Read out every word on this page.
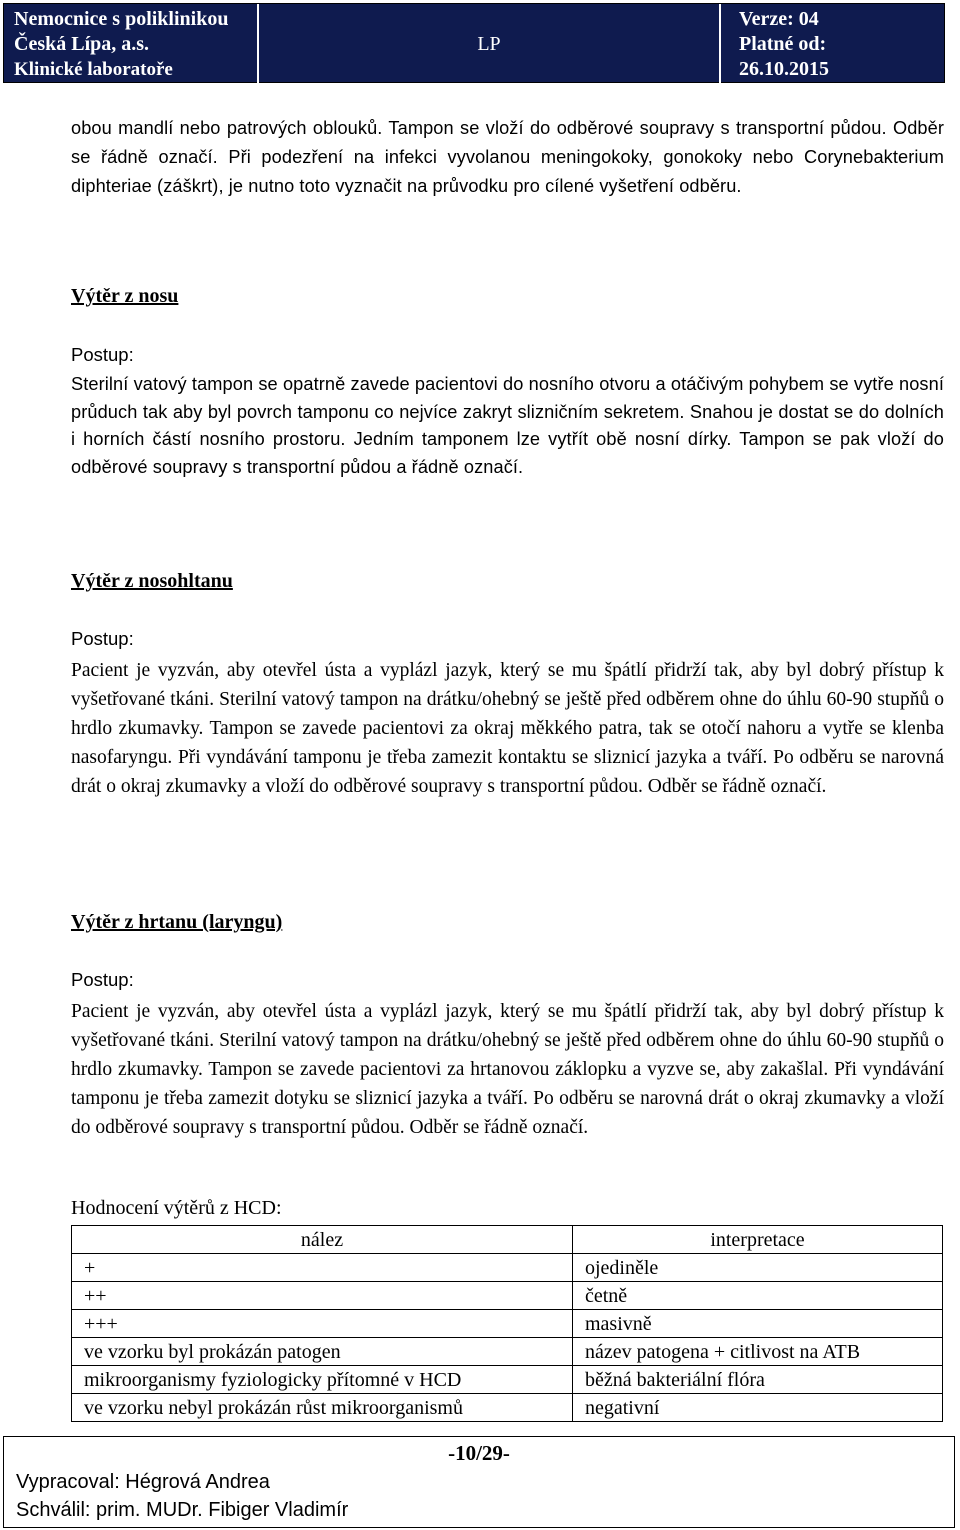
Nemocnice s poliklinikou
Česká Lípa, a.s.
Klinické laboratoře
LP
Verze: 04
Platné od:
26.10.2015
obou mandlí nebo patrových oblouků. Tampon se vloží do odběrové soupravy s transportní půdou. Odběr se řádně označí. Při podezření na infekci vyvolanou meningokoky, gonokoky nebo Corynebakterium diphteriae (záškrt), je nutno toto vyznačit na průvodku pro cílené vyšetření odběru.
Výtěr z nosu
Postup:
Sterilní vatový tampon se opatrně zavede pacientovi do nosního otvoru a otáčivým pohybem se vytře nosní průduch tak aby byl povrch tamponu co nejvíce zakryt slizničním sekretem. Snahou je dostat se do dolních i horních částí nosního prostoru. Jedním tamponem lze vytřít obě nosní dírky. Tampon se pak vloží do odběrové soupravy s transportní půdou a řádně označí.
Výtěr z nosohltanu
Postup:
Pacient je vyzván, aby otevřel ústa a vyplázl jazyk, který se mu špátlí přidrží tak, aby byl dobrý přístup k vyšetřované tkáni. Sterilní vatový tampon na drátku/ohebný se ještě před odběrem ohne do úhlu 60-90 stupňů o hrdlo zkumavky. Tampon se zavede pacientovi za okraj měkkého patra, tak se otočí nahoru a vytře se klenba nasofaryngu. Při vyndávání tamponu je třeba zamezit kontaktu se sliznicí jazyka a tváří. Po odběru se narovná drát o okraj zkumavky a vloží do odběrové soupravy s transportní půdou. Odběr se řádně označí.
Výtěr z hrtanu (laryngu)
Postup:
Pacient je vyzván, aby otevřel ústa a vyplázl jazyk, který se mu špátlí přidrží tak, aby byl dobrý přístup k vyšetřované tkáni. Sterilní vatový tampon na drátku/ohebný se ještě před odběrem ohne do úhlu 60-90 stupňů o hrdlo zkumavky. Tampon se zavede pacientovi za hrtanovou záklopku a vyzve se, aby zakašlal. Při vyndávání tamponu je třeba zamezit dotyku se sliznicí jazyka a tváří. Po odběru se narovná drát o okraj zkumavky a vloží do odběrové soupravy s transportní půdou. Odběr se řádně označí.
Hodnocení výtěrů z HCD:
nález	interpretace
+	ojediněle
++	četně
+++	masivně
ve vzorku byl prokázán patogen	název patogena + citlivost na ATB
mikroorganismy fyziologicky přítomné v HCD	běžná bakteriální flóra
ve vzorku nebyl prokázán růst mikroorganismů	negativní
-10/29-
Vypracoval: Hégrová Andrea
Schválil: prim. MUDr. Fibiger Vladimír
